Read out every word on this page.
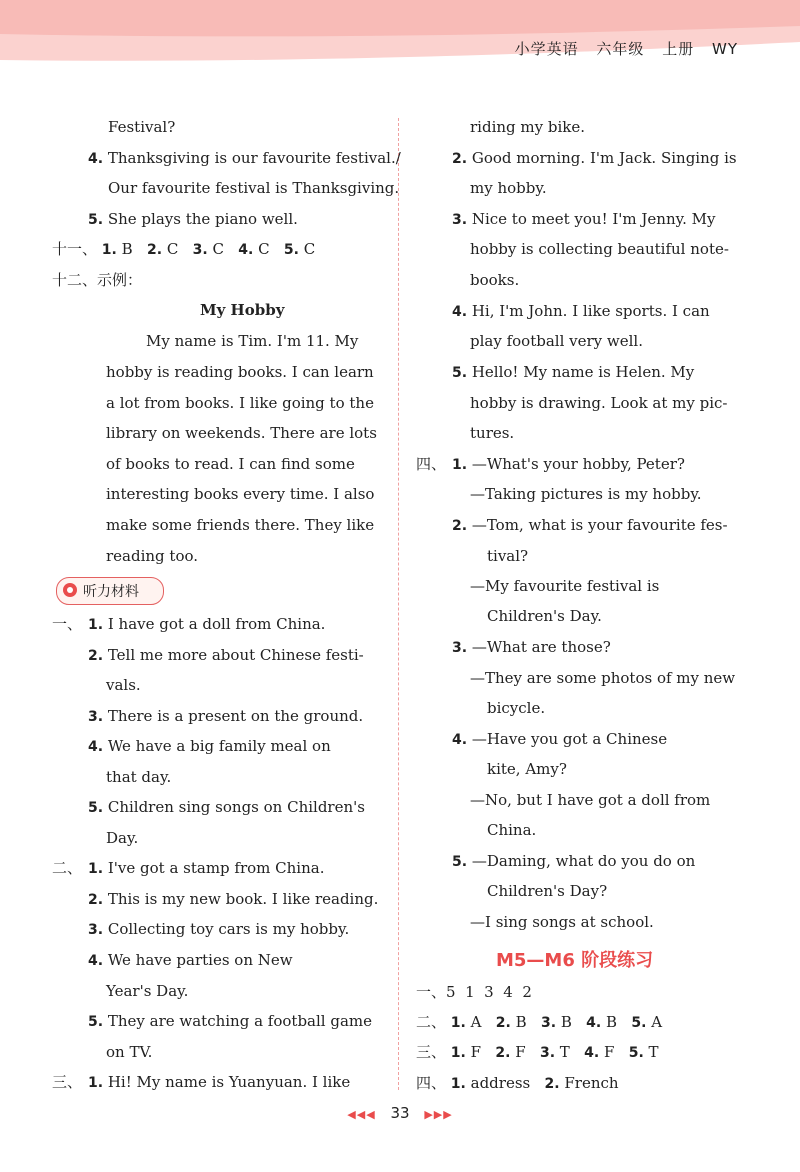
小学英语 六年级 上册 WY
Festival?
4. Thanksgiving is our favourite festival./
Our favourite festival is Thanksgiving.
5. She plays the piano well.
十一、 1. B 2. C 3. C 4. C 5. C
十二、示例：
My Hobby
My name is Tim. I'm 11. My
hobby is reading books. I can learn
a lot from books. I like going to the
library on weekends. There are lots
of books to read. I can find some
interesting books every time. I also
make some friends there. They like
reading too.
听力材料
一、 1. I have got a doll from China.
2. Tell me more about Chinese festi-
vals.
3. There is a present on the ground.
4. We have a big family meal on
that day.
5. Children sing songs on Children's
Day.
二、 1. I've got a stamp from China.
2. This is my new book. I like reading.
3. Collecting toy cars is my hobby.
4. We have parties on New
Year's Day.
5. They are watching a football game
on TV.
三、 1. Hi! My name is Yuanyuan. I like
riding my bike.
2. Good morning. I'm Jack. Singing is
my hobby.
3. Nice to meet you! I'm Jenny. My
hobby is collecting beautiful note-
books.
4. Hi, I'm John. I like sports. I can
play football very well.
5. Hello! My name is Helen. My
hobby is drawing. Look at my pic-
tures.
四、 1. —What's your hobby, Peter?
—Taking pictures is my hobby.
2. —Tom, what is your favourite fes-
tival?
—My favourite festival is
Children's Day.
3. —What are those?
—They are some photos of my new
bicycle.
4. —Have you got a Chinese
kite, Amy?
—No, but I have got a doll from
China.
5. —Daming, what do you do on
Children's Day?
—I sing songs at school.
M5—M6 阶段练习
一、5  1  3  4  2
二、 1. A 2. B 3. B 4. B 5. A
三、 1. F 2. F 3. T 4. F 5. T
四、 1. address 2. French
◀◀◀ 33 ▶▶▶
